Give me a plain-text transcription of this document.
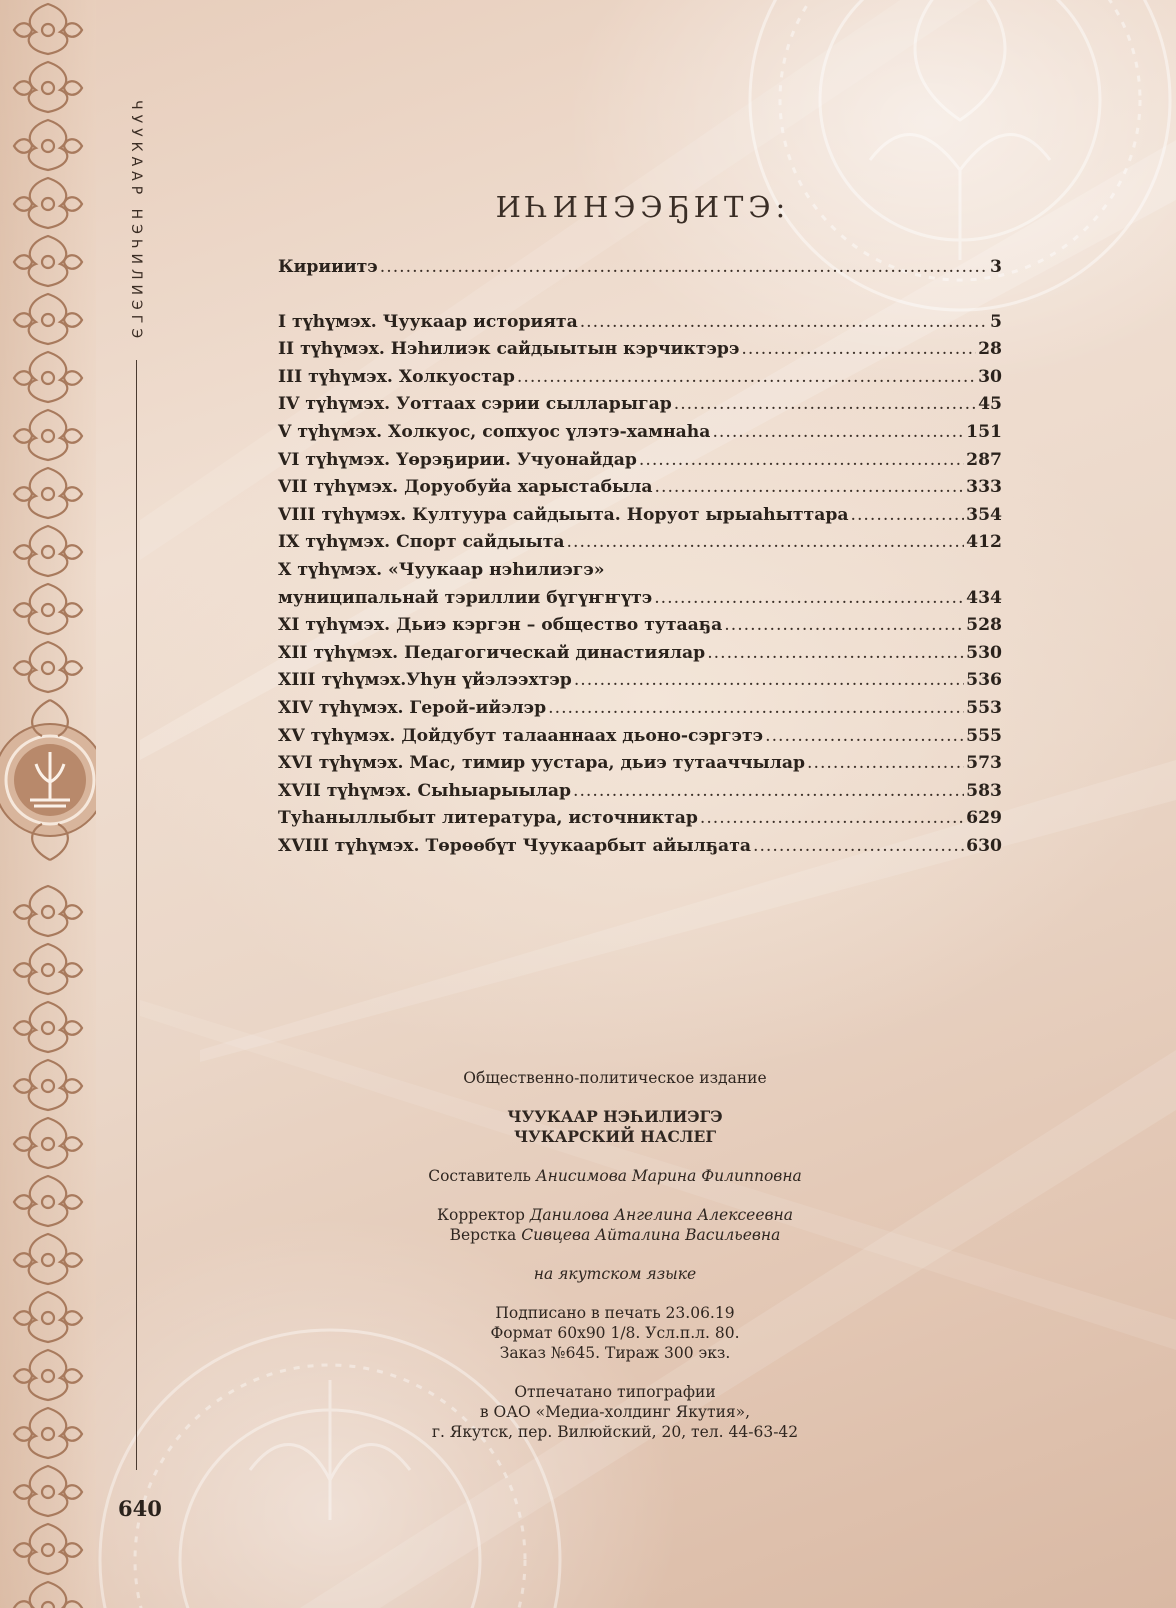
ЧУУКААР НЭҺИЛИЭГЭ	ИҺИНЭЭҔИТЭ:
Кирииитэ .....	3
I түһүмэх. Чуукаар историята .....	5
II түһүмэх. Нэһилиэк сайдыытын кэрчиктэрэ .....	28
III түһүмэх. Холкуостар .....	30
IV түһүмэх. Уоттаах сэрии сылларыгар .....	45
V түһүмэх. Холкуос, сопхуос үлэтэ-хамнаһа .....	151
VI түһүмэх. Үөрэҕирии. Учуонайдар .....	287
VII түһүмэх. Доруобуйа харыстабыла .....	333
VIII түһүмэх. Култуура сайдыыта. Норуот ырыаһыттара .....	354
IX түһүмэх. Спорт сайдыыта .....	412
X түһүмэх. «Чуукаар нэһилиэгэ»
муниципальнай тэриллии бүгүҥҥүтэ .....	434
XI түһүмэх. Дьиэ кэргэн – общество тутааҕа .....	528
XII түһүмэх. Педагогическай династиялар .....	530
XIII түһүмэх.Уһун үйэлээхтэр .....	536
XIV түһүмэх. Герой-ийэлэр .....	553
XV түһүмэх. Дойдубут талааннаах дьоно-сэргэтэ .....	555
XVI түһүмэх. Мас, тимир уустара, дьиэ тутааччылар .....	573
XVII түһүмэх. Сыһыарыылар .....	583
Туһаныллыбыт литература, источниктар .....	629
XVIII түһүмэх. Төрөөбүт Чуукаарбыт айылҕата .....	630
Общественно-политическое издание
ЧУУКААР НЭҺИЛИЭГЭ
ЧУКАРСКИЙ НАСЛЕГ
Составитель Анисимова Марина Филипповна
Корректор Данилова Ангелина Алексеевна
Верстка Сивцева Айталина Васильевна
на якутском языке
Подписано в печать 23.06.19
Формат 60х90 1/8. Усл.п.л. 80.
Заказ №645. Тираж 300 экз.
Отпечатано типографии
в ОАО «Медиа-холдинг Якутия»,
г. Якутск, пер. Вилюйский, 20, тел. 44-63-42
640
